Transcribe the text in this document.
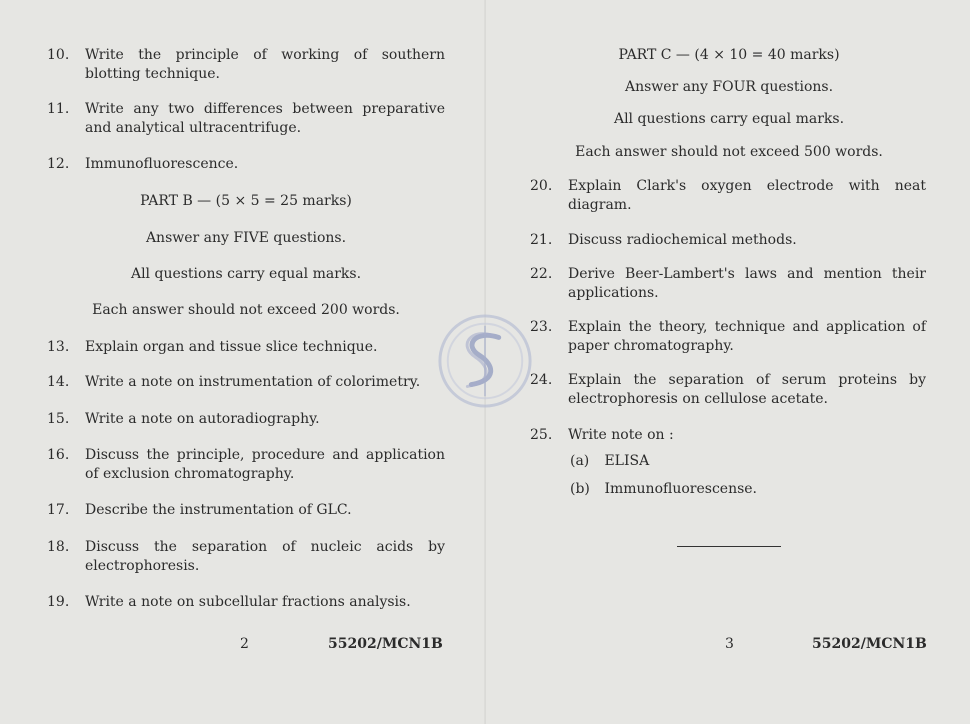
10.	Write the principle of working of southern blotting technique.
11.	Write any two differences between preparative and analytical ultracentrifuge.
12.	Immunofluorescence.
PART B — (5 × 5 = 25 marks)
Answer any FIVE questions.
All questions carry equal marks.
Each answer should not exceed 200 words.
13.	Explain organ and tissue slice technique.
14.	Write a note on instrumentation of colorimetry.
15.	Write a note on autoradiography.
16.	Discuss the principle, procedure and application of exclusion chromatography.
17.	Describe the instrumentation of GLC.
18.	Discuss the separation of nucleic acids by electrophoresis.
19.	Write a note on subcellular fractions analysis.
2	55202/MCN1B
PART C — (4 × 10 = 40 marks)
Answer any FOUR questions.
All questions carry equal marks.
Each answer should not exceed 500 words.
20.	Explain Clark's oxygen electrode with neat diagram.
21.	Discuss radiochemical methods.
22.	Derive Beer-Lambert's laws and mention their applications.
23.	Explain the theory, technique and application of paper chromatography.
24.	Explain the separation of serum proteins by electrophoresis on cellulose acetate.
25.	Write note on :
(a) ELISA
(b) Immunofluorescense.
3	55202/MCN1B
